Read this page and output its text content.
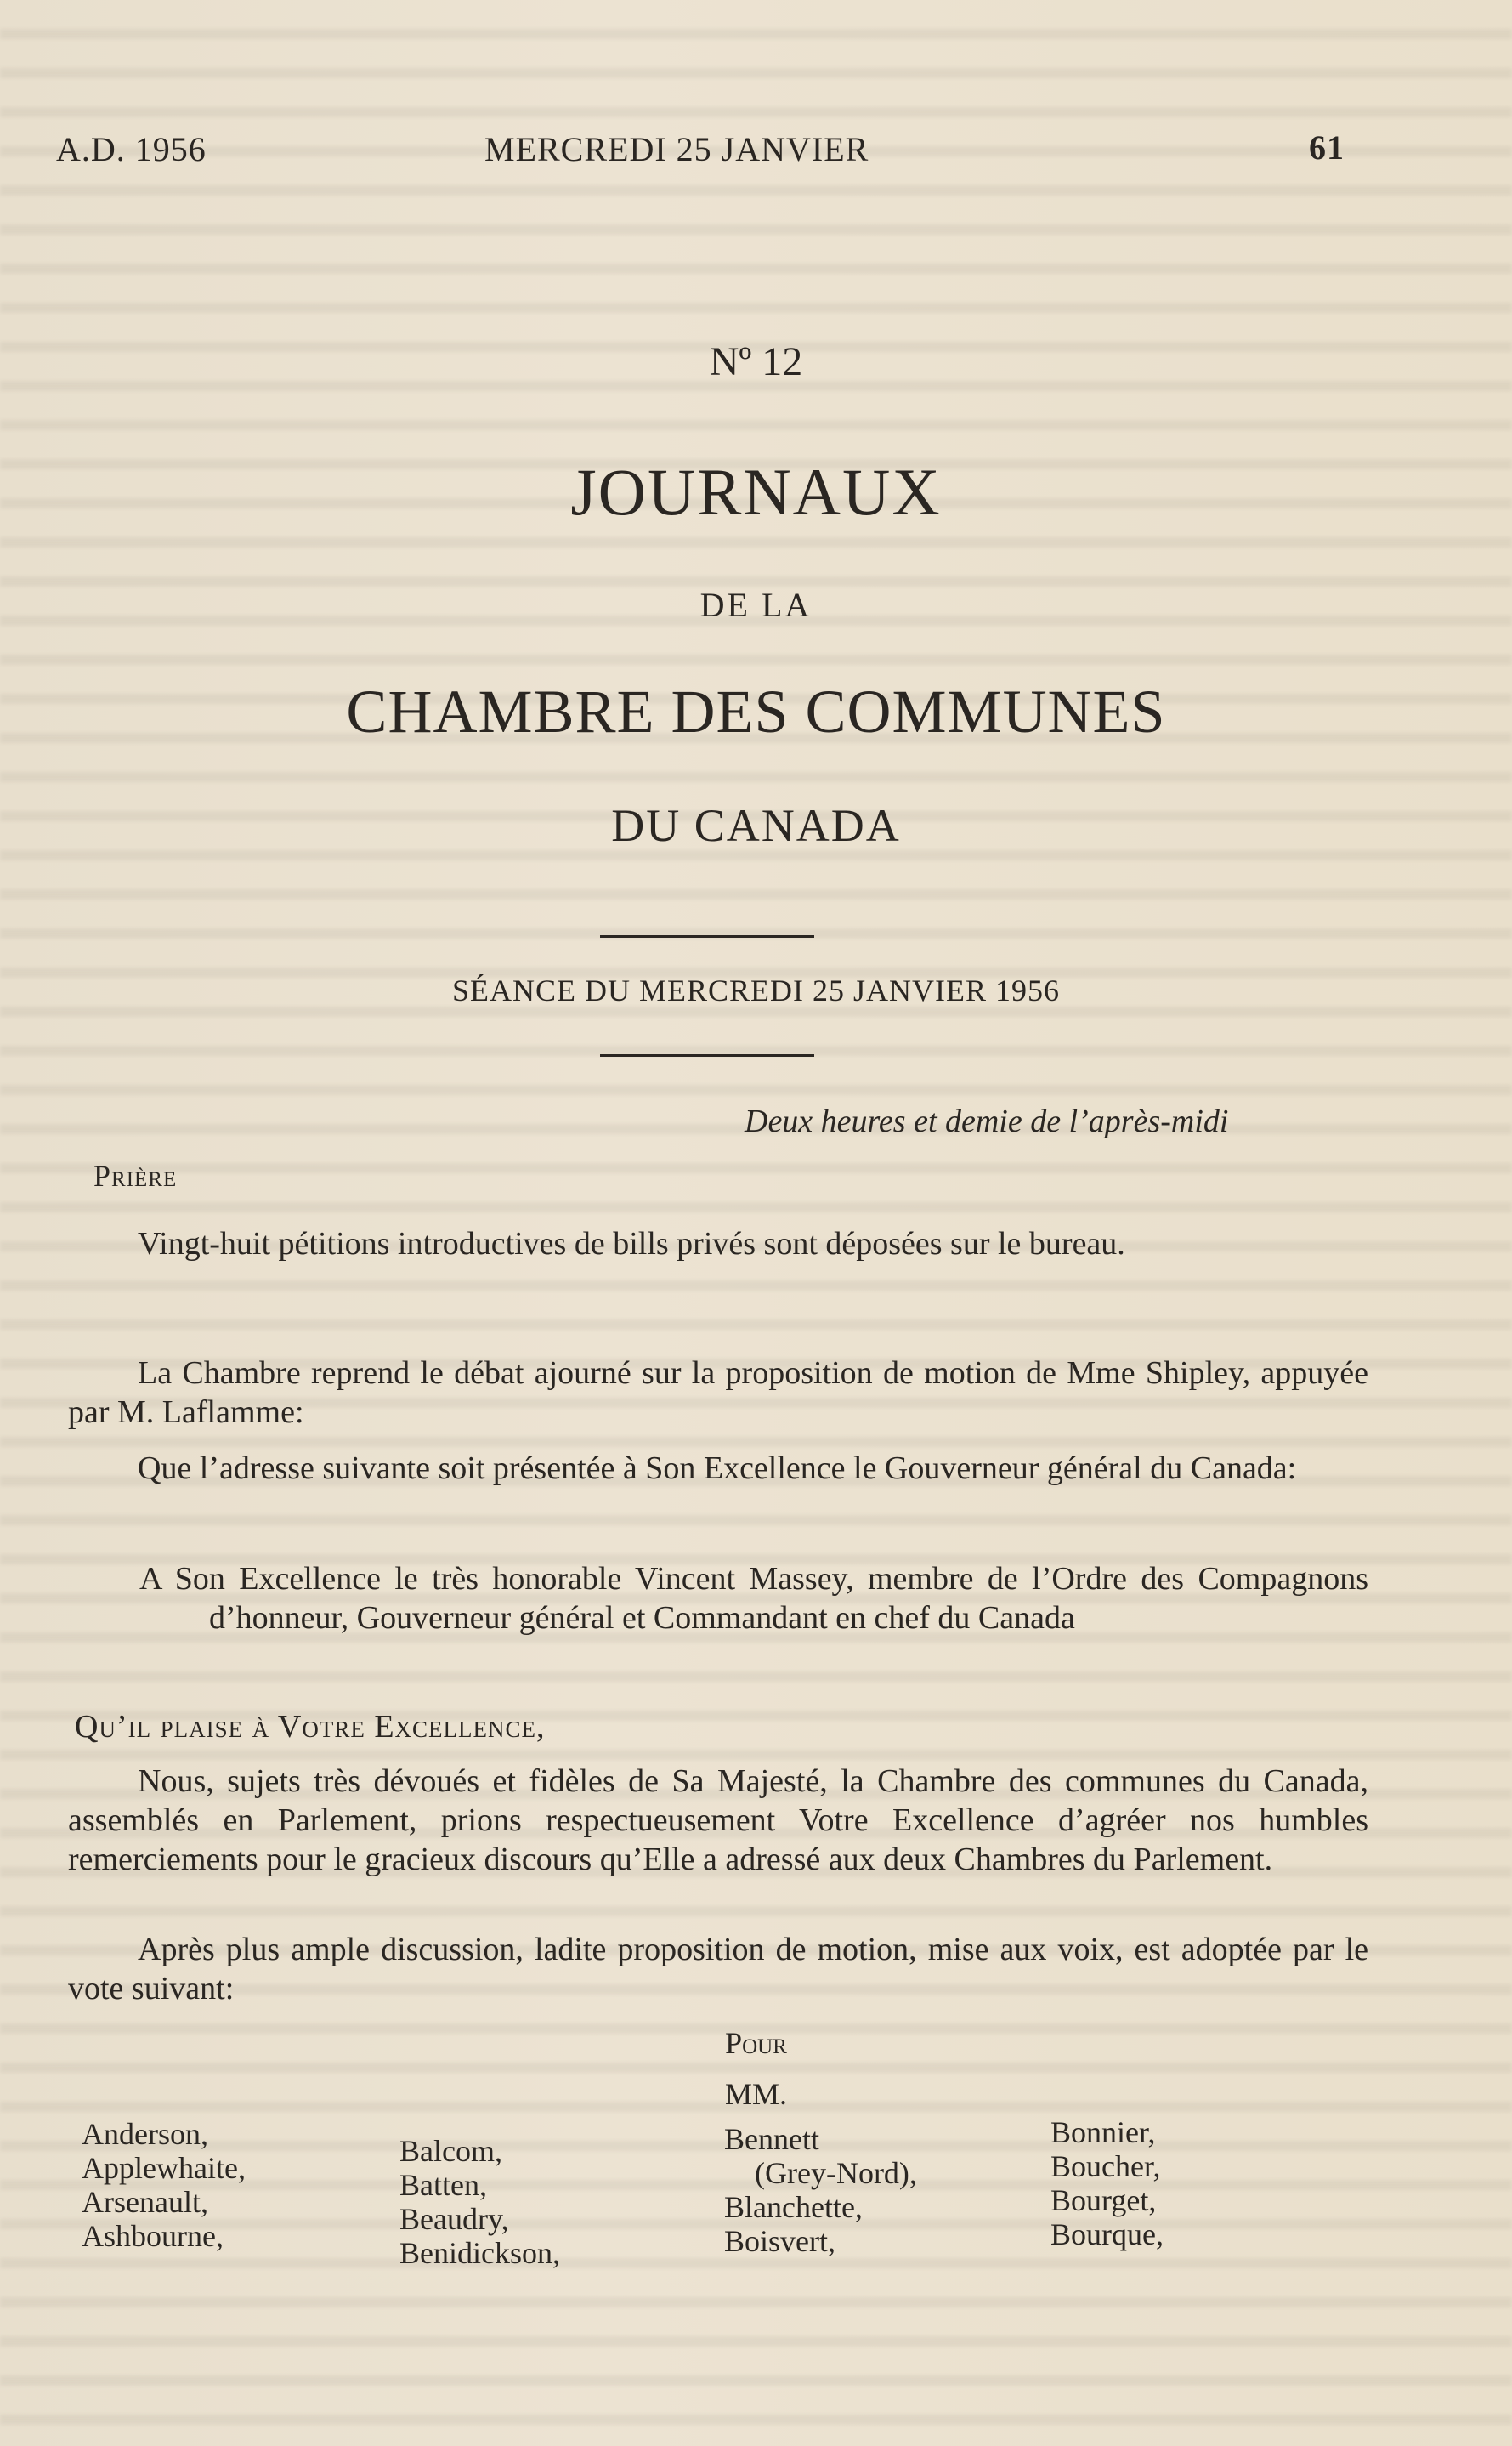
A.D. 1956	MERCREDI 25 JANVIER	61
Nº 12
JOURNAUX
DE LA
CHAMBRE DES COMMUNES
DU CANADA
SÉANCE DU MERCREDI 25 JANVIER 1956
Deux heures et demie de l’après-midi
Prière
Vingt-huit pétitions introductives de bills privés sont déposées sur le bureau.
La Chambre reprend le débat ajourné sur la proposition de motion de Mme Shipley, appuyée par M. Laflamme:
Que l’adresse suivante soit présentée à Son Excellence le Gouverneur général du Canada:
A Son Excellence le très honorable Vincent Massey, membre de l’Ordre des Compagnons d’honneur, Gouverneur général et Commandant en chef du Canada
Qu’il plaise à Votre Excellence,
Nous, sujets très dévoués et fidèles de Sa Majesté, la Chambre des communes du Canada, assemblés en Parlement, prions respectueusement Votre Excellence d’agréer nos humbles remerciements pour le gracieux discours qu’Elle a adressé aux deux Chambres du Parlement.
Après plus ample discussion, ladite proposition de motion, mise aux voix, est adoptée par le vote suivant:
Pour
MM.
Anderson,
Applewhaite,
Arsenault,
Ashbourne,
Balcom,
Batten,
Beaudry,
Benidickson,
Bennett
(Grey-Nord),
Blanchette,
Boisvert,
Bonnier,
Boucher,
Bourget,
Bourque,
